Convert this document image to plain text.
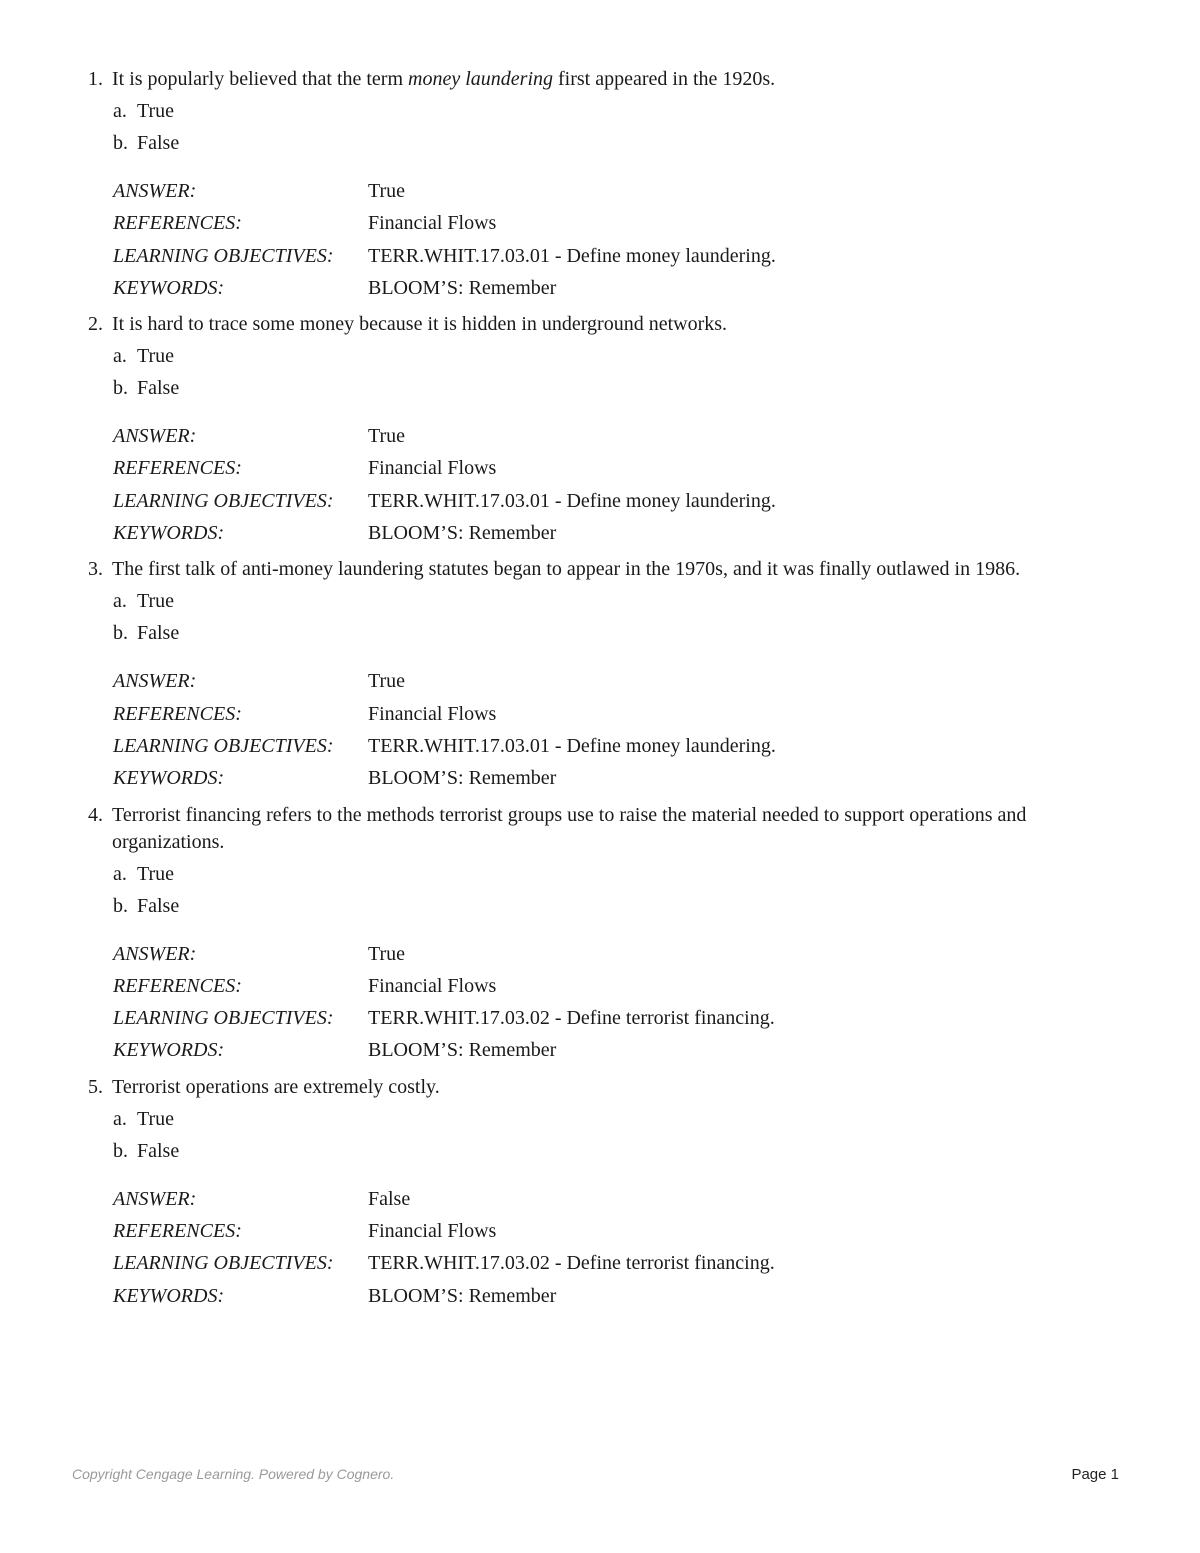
1. It is popularly believed that the term money laundering first appeared in the 1920s.
a. True
b. False
ANSWER:	True
REFERENCES:	Financial Flows
LEARNING OBJECTIVES:	TERR.WHIT.17.03.01 - Define money laundering.
KEYWORDS:	BLOOM’S: Remember
2. It is hard to trace some money because it is hidden in underground networks.
a. True
b. False
ANSWER:	True
REFERENCES:	Financial Flows
LEARNING OBJECTIVES:	TERR.WHIT.17.03.01 - Define money laundering.
KEYWORDS:	BLOOM’S: Remember
3. The first talk of anti-money laundering statutes began to appear in the 1970s, and it was finally outlawed in 1986.
a. True
b. False
ANSWER:	True
REFERENCES:	Financial Flows
LEARNING OBJECTIVES:	TERR.WHIT.17.03.01 - Define money laundering.
KEYWORDS:	BLOOM’S: Remember
4. Terrorist financing refers to the methods terrorist groups use to raise the material needed to support operations and organizations.
a. True
b. False
ANSWER:	True
REFERENCES:	Financial Flows
LEARNING OBJECTIVES:	TERR.WHIT.17.03.02 - Define terrorist financing.
KEYWORDS:	BLOOM’S: Remember
5. Terrorist operations are extremely costly.
a. True
b. False
ANSWER:	False
REFERENCES:	Financial Flows
LEARNING OBJECTIVES:	TERR.WHIT.17.03.02 - Define terrorist financing.
KEYWORDS:	BLOOM’S: Remember
Copyright Cengage Learning. Powered by Cognero.	Page 1
